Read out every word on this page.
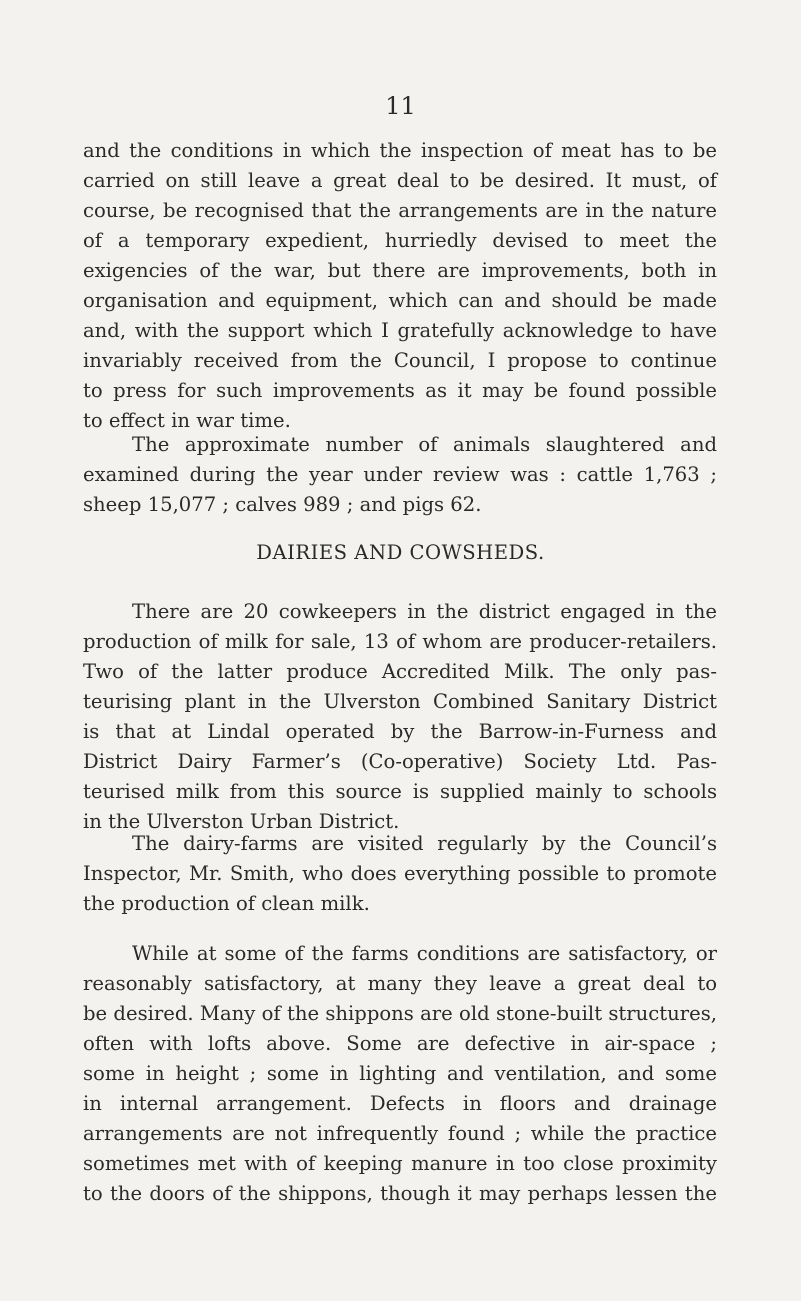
11
and the conditions in which the inspection of meat has to be
carried on still leave a great deal to be desired. It must, of
course, be recognised that the arrangements are in the nature
of a temporary expedient, hurriedly devised to meet the
exigencies of the war, but there are improvements, both in
organisation and equipment, which can and should be made
and, with the support which I gratefully acknowledge to have
invariably received from the Council, I propose to continue
to press for such improvements as it may be found possible
to effect in war time.
The approximate number of animals slaughtered and
examined during the year under review was : cattle 1,763 ;
sheep 15,077 ; calves 989 ; and pigs 62.
DAIRIES AND COWSHEDS.
There are 20 cowkeepers in the district engaged in the
production of milk for sale, 13 of whom are producer-retailers.
Two of the latter produce Accredited Milk. The only pas-
teurising plant in the Ulverston Combined Sanitary District
is that at Lindal operated by the Barrow-in-Furness and
District Dairy Farmer’s (Co-operative) Society Ltd. Pas-
teurised milk from this source is supplied mainly to schools
in the Ulverston Urban District.
The dairy-farms are visited regularly by the Council’s
Inspector, Mr. Smith, who does everything possible to promote
the production of clean milk.
While at some of the farms conditions are satisfactory, or
reasonably satisfactory, at many they leave a great deal to
be desired. Many of the shippons are old stone-built structures,
often with lofts above. Some are defective in air-space ;
some in height ; some in lighting and ventilation, and some
in internal arrangement. Defects in floors and drainage
arrangements are not infrequently found ; while the practice
sometimes met with of keeping manure in too close proximity
to the doors of the shippons, though it may perhaps lessen the
